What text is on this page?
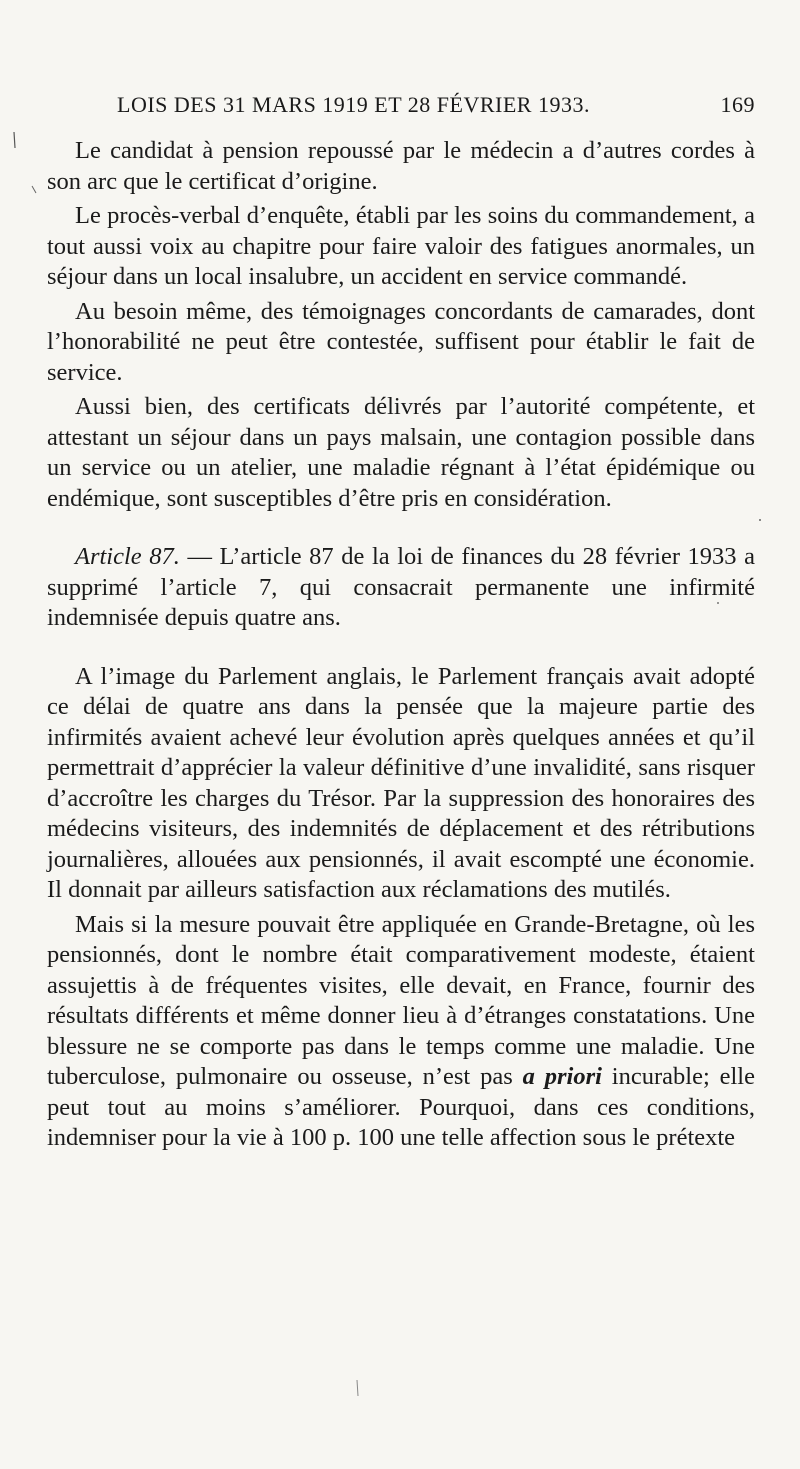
LOIS DES 31 MARS 1919 ET 28 FÉVRIER 1933.	169

Le candidat à pension repoussé par le médecin a d’autres cordes à son arc que le certificat d’origine.

Le procès-verbal d’enquête, établi par les soins du commandement, a tout aussi voix au chapitre pour faire valoir des fatigues anormales, un séjour dans un local insalubre, un accident en service commandé.

Au besoin même, des témoignages concordants de camarades, dont l’honorabilité ne peut être contestée, suffisent pour établir le fait de service.

Aussi bien, des certificats délivrés par l’autorité compétente, et attestant un séjour dans un pays malsain, une contagion possible dans un service ou un atelier, une maladie régnant à l’état épidémique ou endémique, sont susceptibles d’être pris en considération.

Article 87. — L’article 87 de la loi de finances du 28 février 1933 a supprimé l’article 7, qui consacrait permanente une infirmité indemnisée depuis quatre ans.

A l’image du Parlement anglais, le Parlement français avait adopté ce délai de quatre ans dans la pensée que la majeure partie des infirmités avaient achevé leur évolution après quelques années et qu’il permettrait d’apprécier la valeur définitive d’une invalidité, sans risquer d’accroître les charges du Trésor. Par la suppression des honoraires des médecins visiteurs, des indemnités de déplacement et des rétributions journalières, allouées aux pensionnés, il avait escompté une économie. Il donnait par ailleurs satisfaction aux réclamations des mutilés.

Mais si la mesure pouvait être appliquée en Grande-Bretagne, où les pensionnés, dont le nombre était comparativement modeste, étaient assujettis à de fréquentes visites, elle devait, en France, fournir des résultats différents et même donner lieu à d’étranges constatations. Une blessure ne se comporte pas dans le temps comme une maladie. Une tuberculose, pulmonaire ou osseuse, n’est pas a priori incurable; elle peut tout au moins s’améliorer. Pourquoi, dans ces conditions, indemniser pour la vie à 100 p. 100 une telle affection sous le prétexte
